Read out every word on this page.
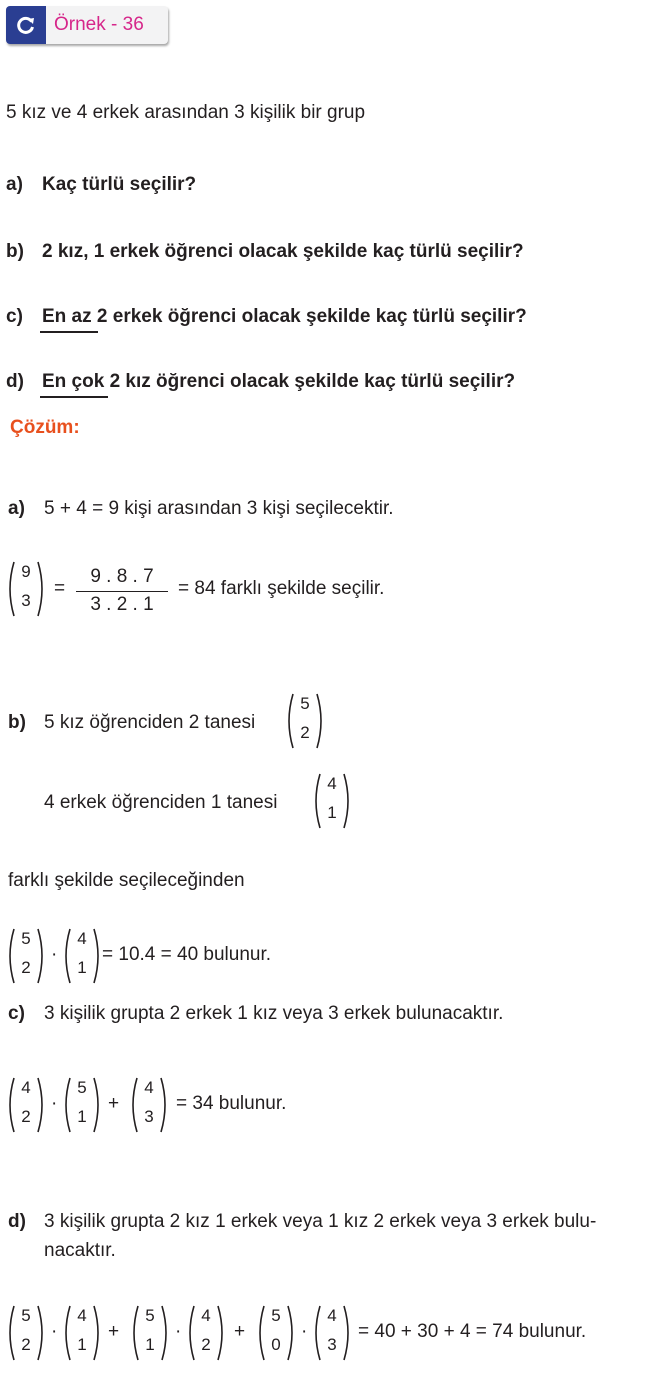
Örnek - 36
5 kız ve 4 erkek arasından 3 kişilik bir grup
a) Kaç türlü seçilir?
b) 2 kız, 1 erkek öğrenci olacak şekilde kaç türlü seçilir?
c) En az 2 erkek öğrenci olacak şekilde kaç türlü seçilir?
d) En çok 2 kız öğrenci olacak şekilde kaç türlü seçilir?
Çözüm:
a) 5 + 4 = 9 kişi arasından 3 kişi seçilecektir.
9
3
=
9 . 8 . 7
3 . 2 . 1
= 84 farklı şekilde seçilir.
b) 5 kız öğrenciden 2 tanesi
5
2
4 erkek öğrenciden 1 tanesi
4
1
farklı şekilde seçileceğinden
5
2
·
4
1
= 10.4 = 40 bulunur.
c) 3 kişilik grupta 2 erkek 1 kız veya 3 erkek bulunacaktır.
4
2
·
5
1
+
4
3
= 34 bulunur.
d) 3 kişilik grupta 2 kız 1 erkek veya 1 kız 2 erkek veya 3 erkek bulu-
nacaktır.
5
2
·
4
1
+
5
1
·
4
2
+
5
0
·
4
3
= 40 + 30 + 4 = 74 bulunur.
